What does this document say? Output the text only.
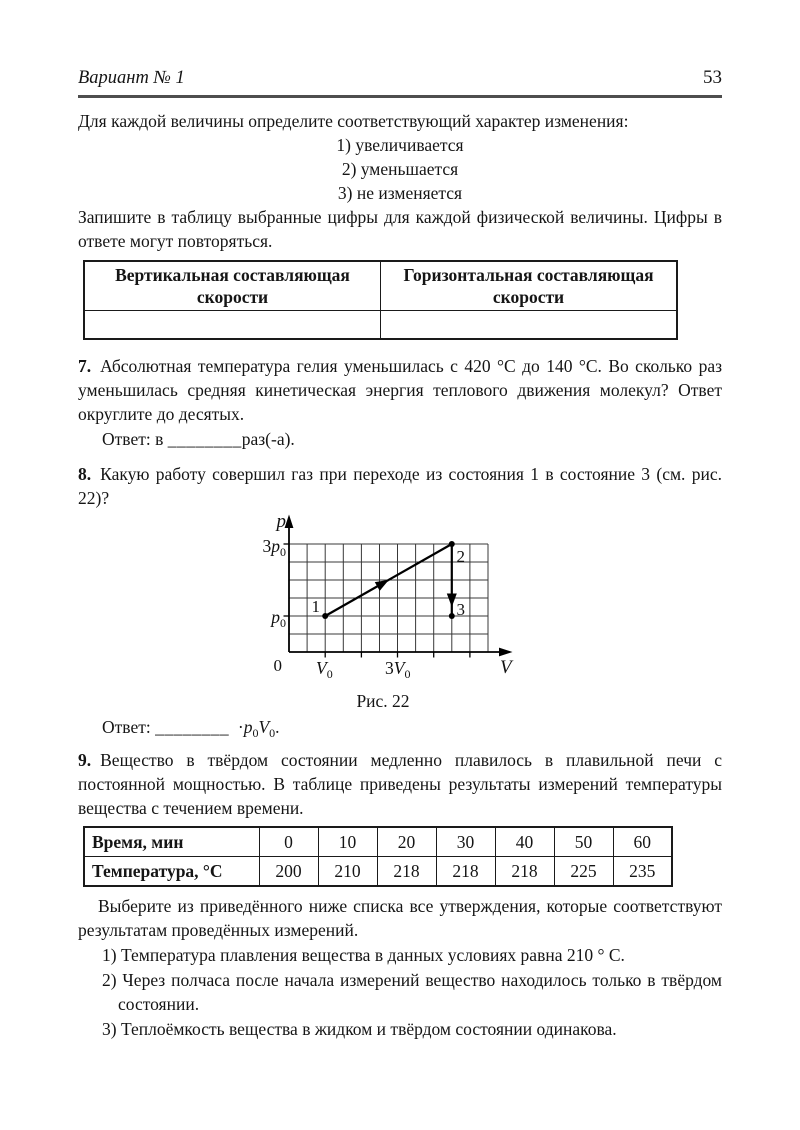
Вариант № 1	53

Для каждой величины определите соответствующий характер изменения:

1) увеличивается
2) уменьшается
3) не изменяется

Запишите в таблицу выбранные цифры для каждой физической величины. Цифры в ответе могут повторяться.

Вертикальная составляющая скорости	Горизонтальная составляющая скорости

7. Абсолютная температура гелия уменьшилась с 420 °C до 140 °C. Во сколько раз уменьшилась средняя кинетическая энергия теплового движения молекул? Ответ округлите до десятых.

Ответ: в ________раз(-а).

8. Какую работу совершил газ при переходе из состояния 1 в состояние 3 (см. рис. 22)?

p
V
0
$3p_0$
$p_0$
$V_0$	$3V_0$
1
2
3
Рис. 22

Ответ: ________ $\cdot p_0V_0$.

9. Вещество в твёрдом состоянии медленно плавилось в плавильной печи с постоянной мощностью. В таблице приведены результаты измерений температуры вещества с течением времени.

Время, мин	0	10	20	30	40	50	60
Температура, °C	200	210	218	218	218	225	235

Выберите из приведённого ниже списка все утверждения, которые соответствуют результатам проведённых измерений.

1) Температура плавления вещества в данных условиях равна 210 ° C.
2) Через полчаса после начала измерений вещество находилось только в твёрдом состоянии.
3) Теплоёмкость вещества в жидком и твёрдом состоянии одинакова.
